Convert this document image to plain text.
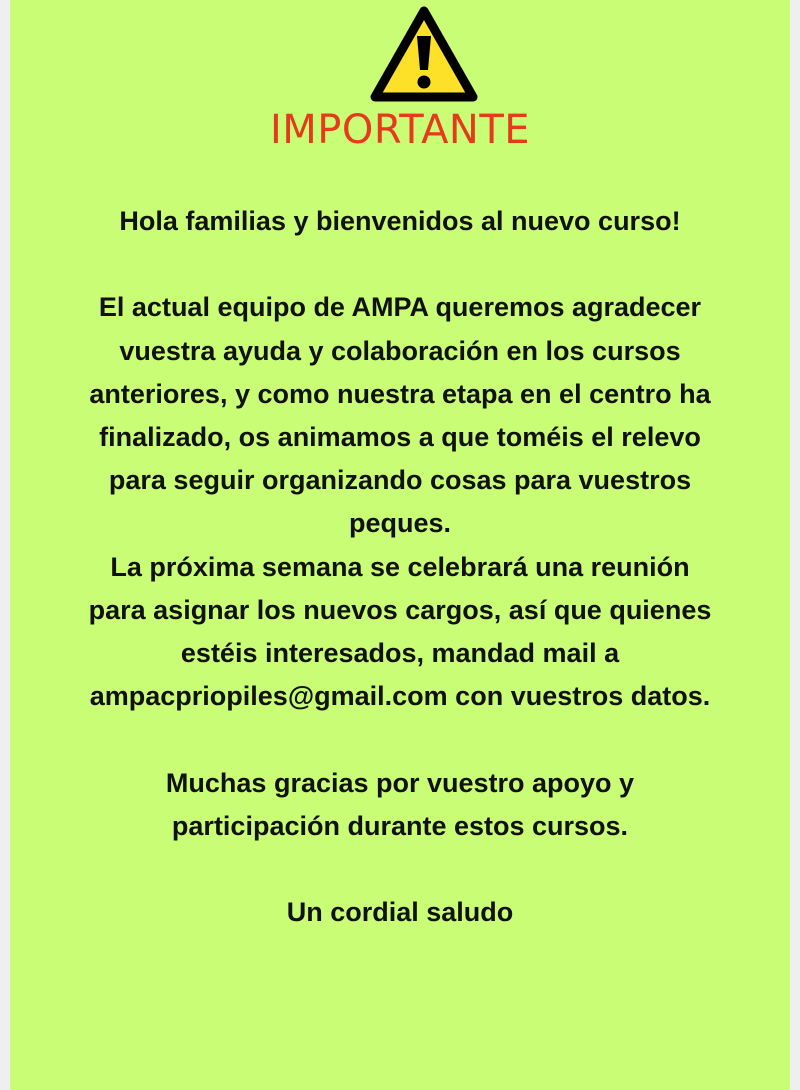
IMPORTANTE

Hola familias y bienvenidos al nuevo curso!

El actual equipo de AMPA queremos agradecer

vuestra ayuda y colaboración en los cursos

anteriores, y como nuestra etapa en el centro ha

finalizado, os animamos a que toméis el relevo

para seguir organizando cosas para vuestros

peques.

La próxima semana se celebrará una reunión

para asignar los nuevos cargos, así que quienes

estéis interesados, mandad mail a

ampacpriopiles@gmail.com con vuestros datos.

Muchas gracias por vuestro apoyo y

participación durante estos cursos.

Un cordial saludo
